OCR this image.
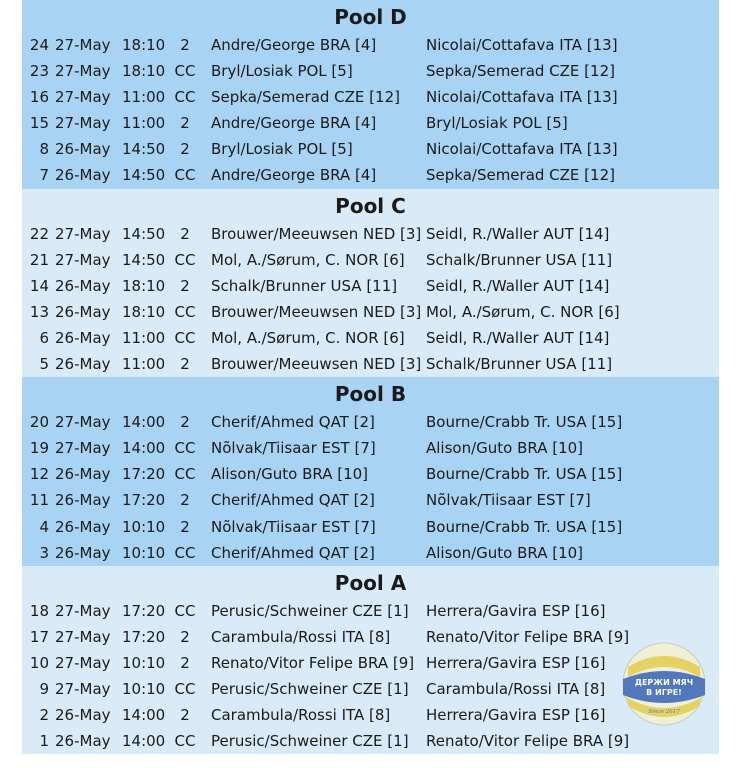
Pool D
24 27-May 18:10 2	Andre/George BRA [4]	Nicolai/Cottafava ITA [13]
23 27-May 18:10 CC Bryl/Losiak POL [5]	Sepka/Semerad CZE [12]
16 27-May 11:00 CC Sepka/Semerad CZE [12] Nicolai/Cottafava ITA [13]
15 27-May 11:00 2	Andre/George BRA [4]	Bryl/Losiak POL [5]
8 26-May 14:50 2	Bryl/Losiak POL [5]	Nicolai/Cottafava ITA [13]
7 26-May 14:50 CC Andre/George BRA [4]	Sepka/Semerad CZE [12]
Pool C
22 27-May 14:50 2	Brouwer/Meeuwsen NED [3] Seidl, R./Waller AUT [14]
21 27-May 14:50 CC Mol, A./Sørum, C. NOR [6] Schalk/Brunner USA [11]
14 26-May 18:10 2	Schalk/Brunner USA [11] Seidl, R./Waller AUT [14]
13 26-May 18:10 CC Brouwer/Meeuwsen NED [3] Mol, A./Sørum, C. NOR [6]
6 26-May 11:00 CC Mol, A./Sørum, C. NOR [6] Seidl, R./Waller AUT [14]
5 26-May 11:00 2	Brouwer/Meeuwsen NED [3] Schalk/Brunner USA [11]
Pool B
20 27-May 14:00 2	Cherif/Ahmed QAT [2]	Bourne/Crabb Tr. USA [15]
19 27-May 14:00 CC Nõlvak/Tiisaar EST [7]	Alison/Guto BRA [10]
12 26-May 17:20 CC Alison/Guto BRA [10]	Bourne/Crabb Tr. USA [15]
11 26-May 17:20 2	Cherif/Ahmed QAT [2]	Nõlvak/Tiisaar EST [7]
4 26-May 10:10 2	Nõlvak/Tiisaar EST [7]	Bourne/Crabb Tr. USA [15]
3 26-May 10:10 CC Cherif/Ahmed QAT [2]	Alison/Guto BRA [10]
Pool A
18 27-May 17:20 CC Perusic/Schweiner CZE [1] Herrera/Gavira ESP [16]
17 27-May 17:20 2	Carambula/Rossi ITA [8] Renato/Vitor Felipe BRA [9]
10 27-May 10:10 2	Renato/Vitor Felipe BRA [9] Herrera/Gavira ESP [16]
9 27-May 10:10 CC Perusic/Schweiner CZE [1] Carambula/Rossi ITA [8]
2 26-May 14:00 2	Carambula/Rossi ITA [8] Herrera/Gavira ESP [16]
1 26-May 14:00 CC Perusic/Schweiner CZE [1] Renato/Vitor Felipe BRA [9]
ДЕРЖИ МЯЧ
В ИГРЕ!
Since 2017
